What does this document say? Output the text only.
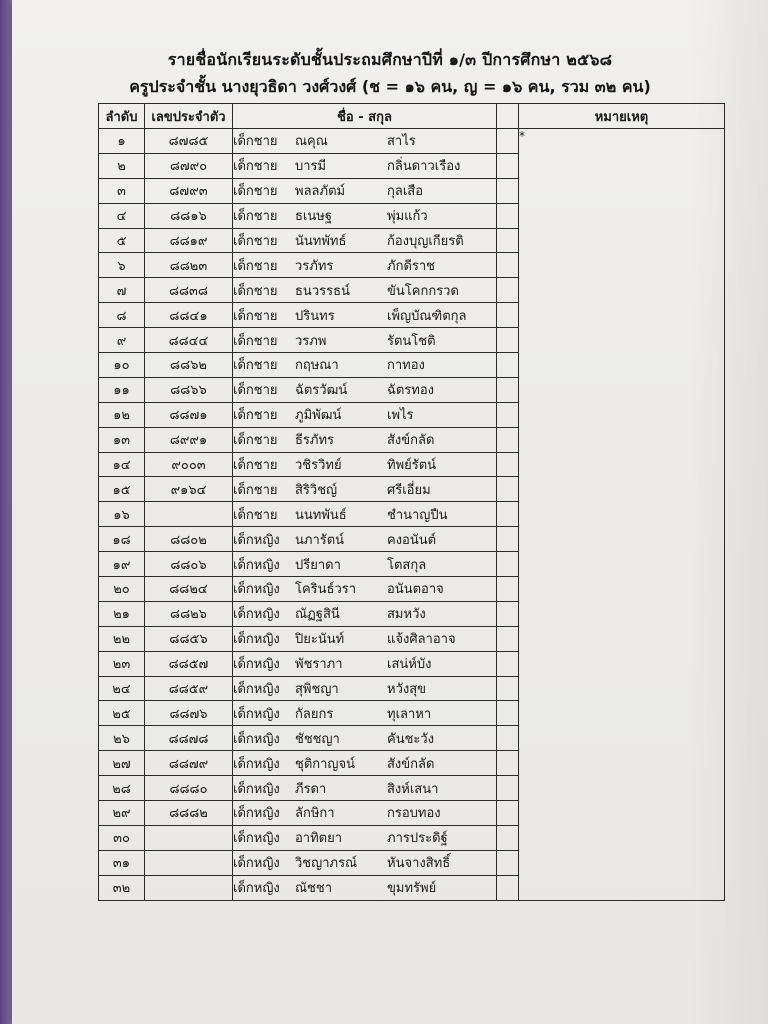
รายชื่อนักเรียนระดับชั้นประถมศึกษาปีที่ ๑/๓ ปีการศึกษา ๒๕๖๘
ครูประจำชั้น นางยุวธิดา วงศ์วงศ์ (ช = ๑๖ คน, ญ = ๑๖ คน, รวม ๓๒ คน)
ลำดับ	เลขประจำตัว	ชื่อ - สกุล		หมายเหตุ
๑	๘๗๘๕	เด็กชาย ณคุณ สาไร		*
๒	๘๗๙๐	เด็กชาย บารมี กลิ่นดาวเรือง		
๓	๘๗๙๓	เด็กชาย พลลภัตม์ กุลเสือ		
๔	๘๘๑๖	เด็กชาย ธเนษฐ พุ่มแก้ว		
๕	๘๘๑๙	เด็กชาย นันทพัทธ์ ก้องบุญเกียรติ		
๖	๘๘๒๓	เด็กชาย วรภัทร ภักดีราช		
๗	๘๘๓๘	เด็กชาย ธนวรรธน์ ขันโคกกรวด		
๘	๘๘๔๑	เด็กชาย ปรินทร เพ็ญบัณฑิตกุล		
๙	๘๘๔๔	เด็กชาย วรภพ รัตนโชติ		
๑๐	๘๘๖๒	เด็กชาย กฤษณา กาทอง		
๑๑	๘๘๖๖	เด็กชาย ฉัตรวัฒน์ ฉัตรทอง		
๑๒	๘๘๗๑	เด็กชาย ภูมิพัฒน์ เพไร		
๑๓	๘๙๙๑	เด็กชาย ธีรภัทร สังข์กลัด		
๑๔	๙๐๐๓	เด็กชาย วชิรวิทย์ ทิพย์รัตน์		
๑๕	๙๑๖๔	เด็กชาย สิริวิชญ์ ศรีเอี่ยม		
๑๖		เด็กชาย นนทพันธ์ ชำนาญปืน		
๑๘	๘๘๐๒	เด็กหญิง นภารัตน์ คงอนันต์		
๑๙	๘๘๐๖	เด็กหญิง ปรียาดา โตสกุล		
๒๐	๘๘๒๔	เด็กหญิง โครินธ์วรา อนันตอาจ		
๒๑	๘๘๒๖	เด็กหญิง ณัฏฐสินี สมหวัง		
๒๒	๘๘๕๖	เด็กหญิง ปิยะนันท์ แจ้งศิลาอาจ		
๒๓	๘๘๕๗	เด็กหญิง พัชราภา เสน่ห์บัง		
๒๔	๘๘๕๙	เด็กหญิง สุพิชญา หวังสุข		
๒๕	๘๘๗๖	เด็กหญิง กัลยกร ทุเลาหา		
๒๖	๘๘๗๘	เด็กหญิง ชัชชญา คันชะวัง		
๒๗	๘๘๗๙	เด็กหญิง ชุติกาญจน์ สังข์กลัด		
๒๘	๘๘๘๐	เด็กหญิง ภีรดา สิงห์เสนา		
๒๙	๘๘๘๒	เด็กหญิง ลักษิกา กรอบทอง		
๓๐		เด็กหญิง อาทิตยา ภารประดิฐ์		
๓๑		เด็กหญิง วิชญาภรณ์ หันจางสิทธิ์		
๓๒		เด็กหญิง ณัชชา ขุมทรัพย์		
